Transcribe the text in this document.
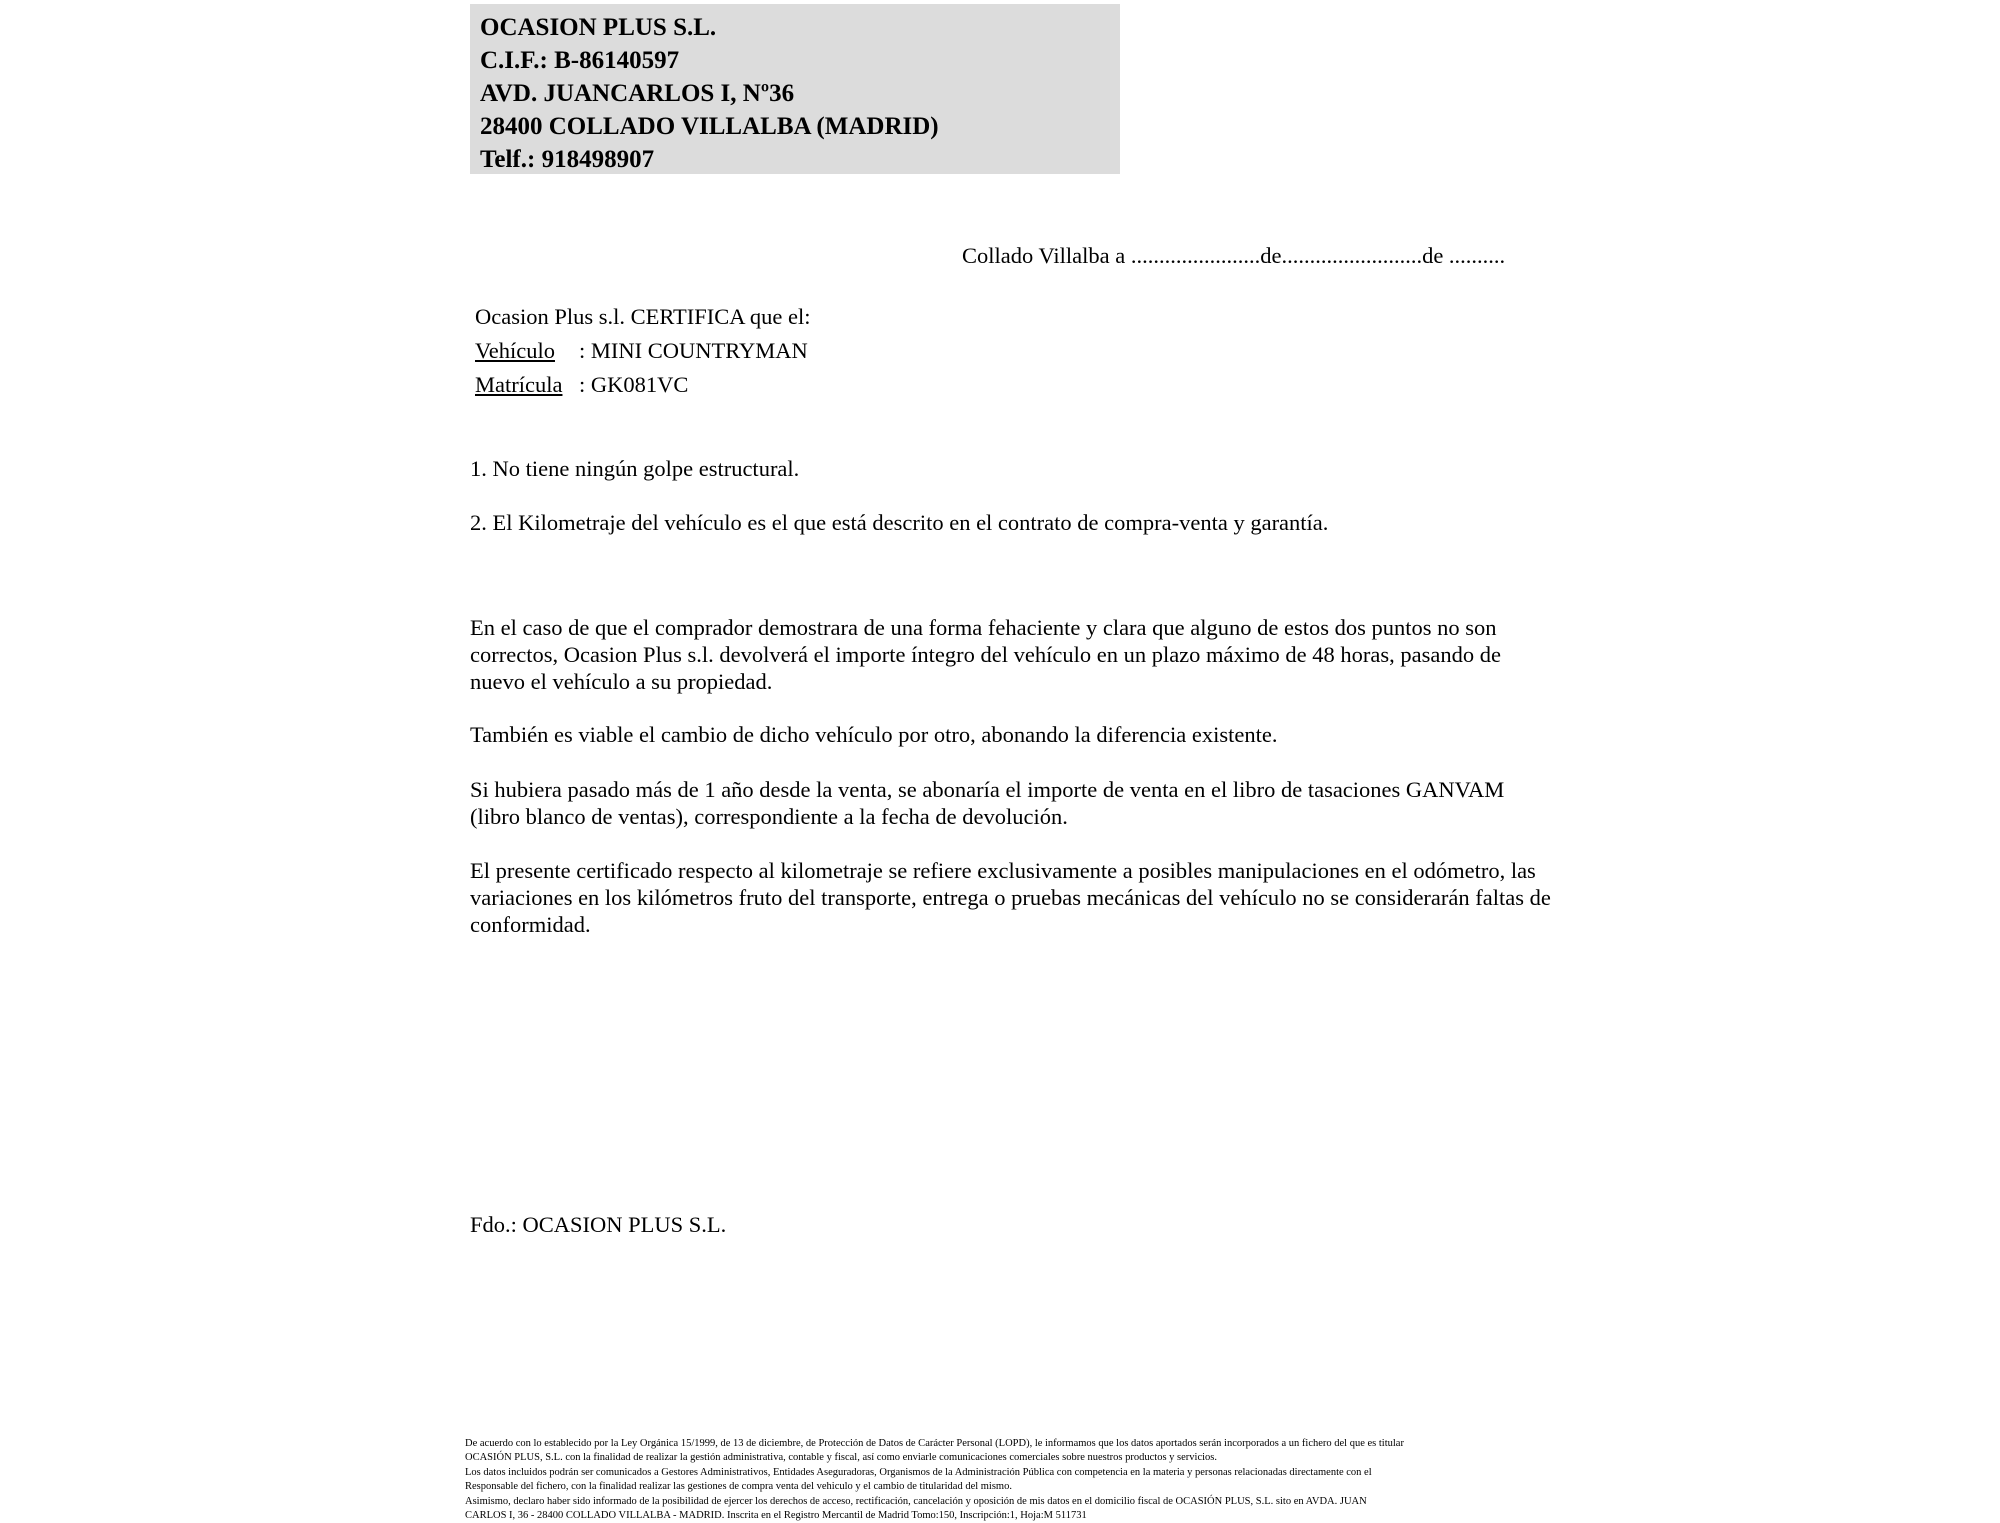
OCASION PLUS S.L.
C.I.F.: B-86140597
AVD. JUANCARLOS I, Nº36
28400 COLLADO VILLALBA (MADRID)
Telf.: 918498907
Collado Villalba a .......................de.........................de ..........
Ocasion Plus s.l. CERTIFICA que el:
Vehículo : MINI COUNTRYMAN
Matrícula : GK081VC
1. No tiene ningún golpe estructural.
2. El Kilometraje del vehículo es el que está descrito en el contrato de compra-venta y garantía.
En el caso de que el comprador demostrara de una forma fehaciente y clara que alguno de estos dos puntos no son correctos, Ocasion Plus s.l. devolverá el importe íntegro del vehículo en un plazo máximo de 48 horas, pasando de nuevo el vehículo a su propiedad.
También es viable el cambio de dicho vehículo por otro, abonando la diferencia existente.
Si hubiera pasado más de 1 año desde la venta, se abonaría el importe de venta en el libro de tasaciones GANVAM (libro blanco de ventas), correspondiente a la fecha de devolución.
El presente certificado respecto al kilometraje se refiere exclusivamente a posibles manipulaciones en el odómetro, las variaciones en los kilómetros fruto del transporte, entrega o pruebas mecánicas del vehículo no se considerarán faltas de conformidad.
Fdo.: OCASION PLUS S.L.
De acuerdo con lo establecido por la Ley Orgánica 15/1999, de 13 de diciembre, de Protección de Datos de Carácter Personal (LOPD), le informamos que los datos aportados serán incorporados a un fichero del que es titular
OCASIÓN PLUS, S.L. con la finalidad de realizar la gestión administrativa, contable y fiscal, así como enviarle comunicaciones comerciales sobre nuestros productos y servicios.
Los datos incluidos podrán ser comunicados a Gestores Administrativos, Entidades Aseguradoras, Organismos de la Administración Pública con competencia en la materia y personas relacionadas directamente con el
Responsable del fichero, con la finalidad realizar las gestiones de compra venta del vehiculo y el cambio de titularidad del mismo.
Asimismo, declaro haber sido informado de la posibilidad de ejercer los derechos de acceso, rectificación, cancelación y oposición de mis datos en el domicilio fiscal de OCASIÓN PLUS, S.L. sito en AVDA. JUAN
CARLOS I, 36 - 28400 COLLADO VILLALBA - MADRID. Inscrita en el Registro Mercantil de Madrid Tomo:150, Inscripción:1, Hoja:M 511731
